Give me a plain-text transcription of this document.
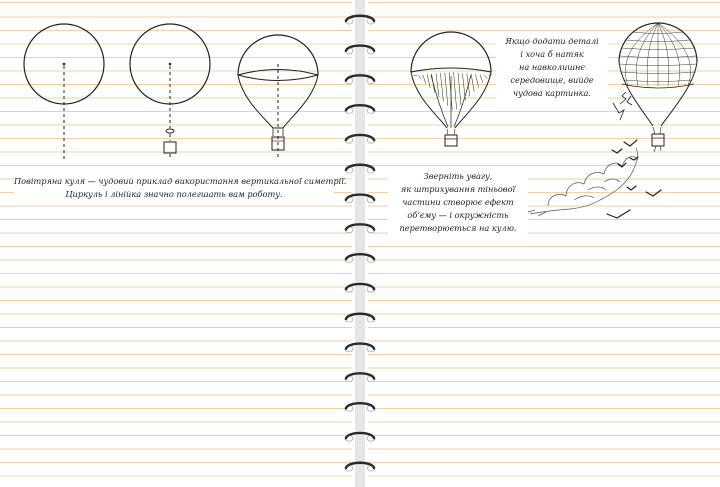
Повітряна куля — чудовий приклад використання вертикальної симетрії.
Циркуль і лінійка значно полегшать вам роботу.
Зверніть увагу,
як штрихування тіньової
частини створює ефект
об’єму — і окружність
перетворюється на кулю.
Якщо додати деталі
і хоча б натяк
на навколишнє
середовище, вийде
чудова картинка.
